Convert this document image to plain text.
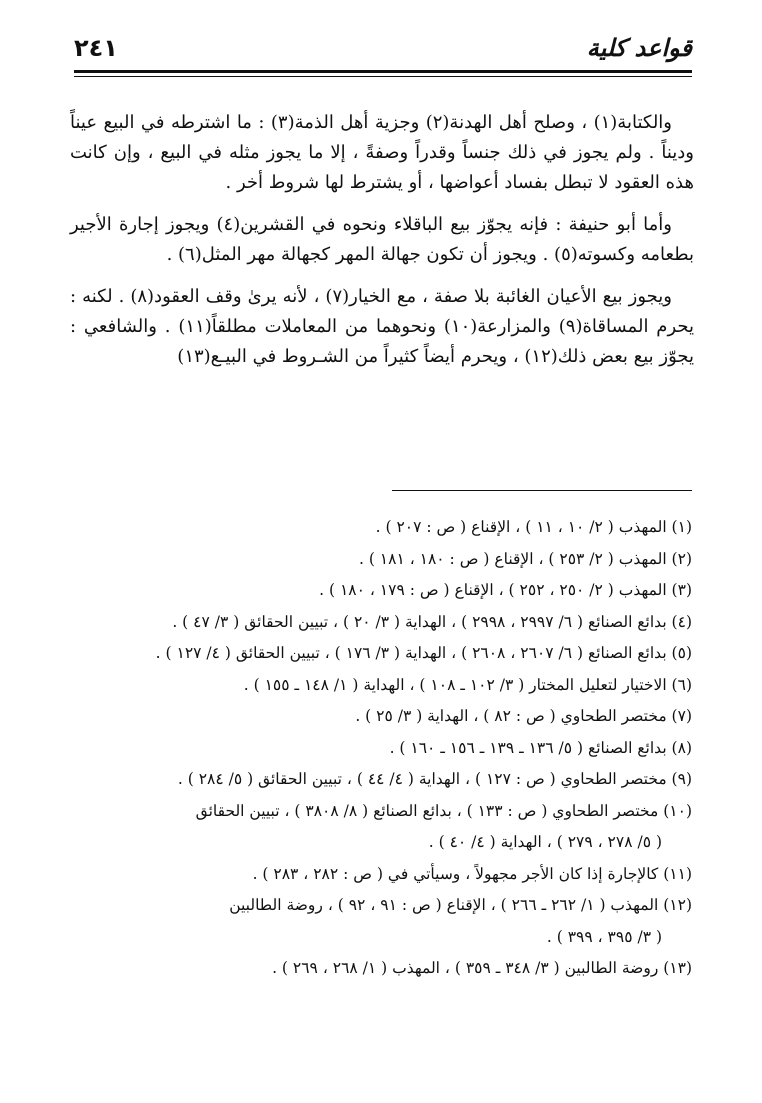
قواعد كلية
٢٤١

والكتابة(١) ، وصلح أهل الهدنة(٢) وجزية أهل الذمة(٣) : ما اشترطه في البيع عيناً وديناً . ولم يجوز في ذلك جنساً وقدراً وصفةً ، إلا ما يجوز مثله في البيع ، وإن كانت هذه العقود لا تبطل بفساد أعواضها ، أو يشترط لها شروط أخر .

وأما أبو حنيفة : فإنه يجوّز بيع الباقلاء ونحوه في القشرين(٤) ويجوز إجارة الأجير بطعامه وكسوته(٥) . ويجوز أن تكون جهالة المهر كجهالة مهر المثل(٦) .

ويجوز بيع الأعيان الغائبة بلا صفة ، مع الخيار(٧) ، لأنه يرىٰ وقف العقود(٨) . لكنه : يحرم المساقاة(٩) والمزارعة(١٠) ونحوهما من المعاملات مطلقاً(١١) . والشافعي : يجوّز بيع بعض ذلك(١٢) ، ويحرم أيضاً كثيراً من الشـروط في البيـع(١٣)

(١) المهذب ( ٢/ ١٠ ، ١١ ) ، الإقناع ( ص : ٢٠٧ ) .

(٢) المهذب ( ٢/ ٢٥٣ ) ، الإقناع ( ص : ١٨٠ ، ١٨١ ) .

(٣) المهذب ( ٢/ ٢٥٠ ، ٢٥٢ ) ، الإقناع ( ص : ١٧٩ ، ١٨٠ ) .

(٤) بدائع الصنائع ( ٦/ ٢٩٩٧ ، ٢٩٩٨ ) ، الهداية ( ٣/ ٢٠ ) ، تبيين الحقائق ( ٣/ ٤٧ ) .

(٥) بدائع الصنائع ( ٦/ ٢٦٠٧ ، ٢٦٠٨ ) ، الهداية ( ٣/ ١٧٦ ) ، تبيين الحقائق ( ٤/ ١٢٧ ) .

(٦) الاختيار لتعليل المختار ( ٣/ ١٠٢ ـ ١٠٨ ) ، الهداية ( ١/ ١٤٨ ـ ١٥٥ ) .

(٧) مختصر الطحاوي ( ص : ٨٢ ) ، الهداية ( ٣/ ٢٥ ) .

(٨) بدائع الصنائع ( ٥/ ١٣٦ ـ ١٣٩ ـ ١٥٦ ـ ١٦٠ ) .

(٩) مختصر الطحاوي ( ص : ١٢٧ ) ، الهداية ( ٤/ ٤٤ ) ، تبيين الحقائق ( ٥/ ٢٨٤ ) .

(١٠) مختصر الطحاوي ( ص : ١٣٣ ) ، بدائع الصنائع ( ٨/ ٣٨٠٨ ) ، تبيين الحقائق

( ٥/ ٢٧٨ ، ٢٧٩ ) ، الهداية ( ٤/ ٤٠ ) .

(١١) كالإجارة إذا كان الأجر مجهولاً ، وسيأتي في ( ص : ٢٨٢ ، ٢٨٣ ) .

(١٢) المهذب ( ١/ ٢٦٢ ـ ٢٦٦ ) ، الإقناع ( ص : ٩١ ، ٩٢ ) ، روضة الطالبين

( ٣/ ٣٩٥ ، ٣٩٩ ) .

(١٣) روضة الطالبين ( ٣/ ٣٤٨ ـ ٣٥٩ ) ، المهذب ( ١/ ٢٦٨ ، ٢٦٩ ) .
